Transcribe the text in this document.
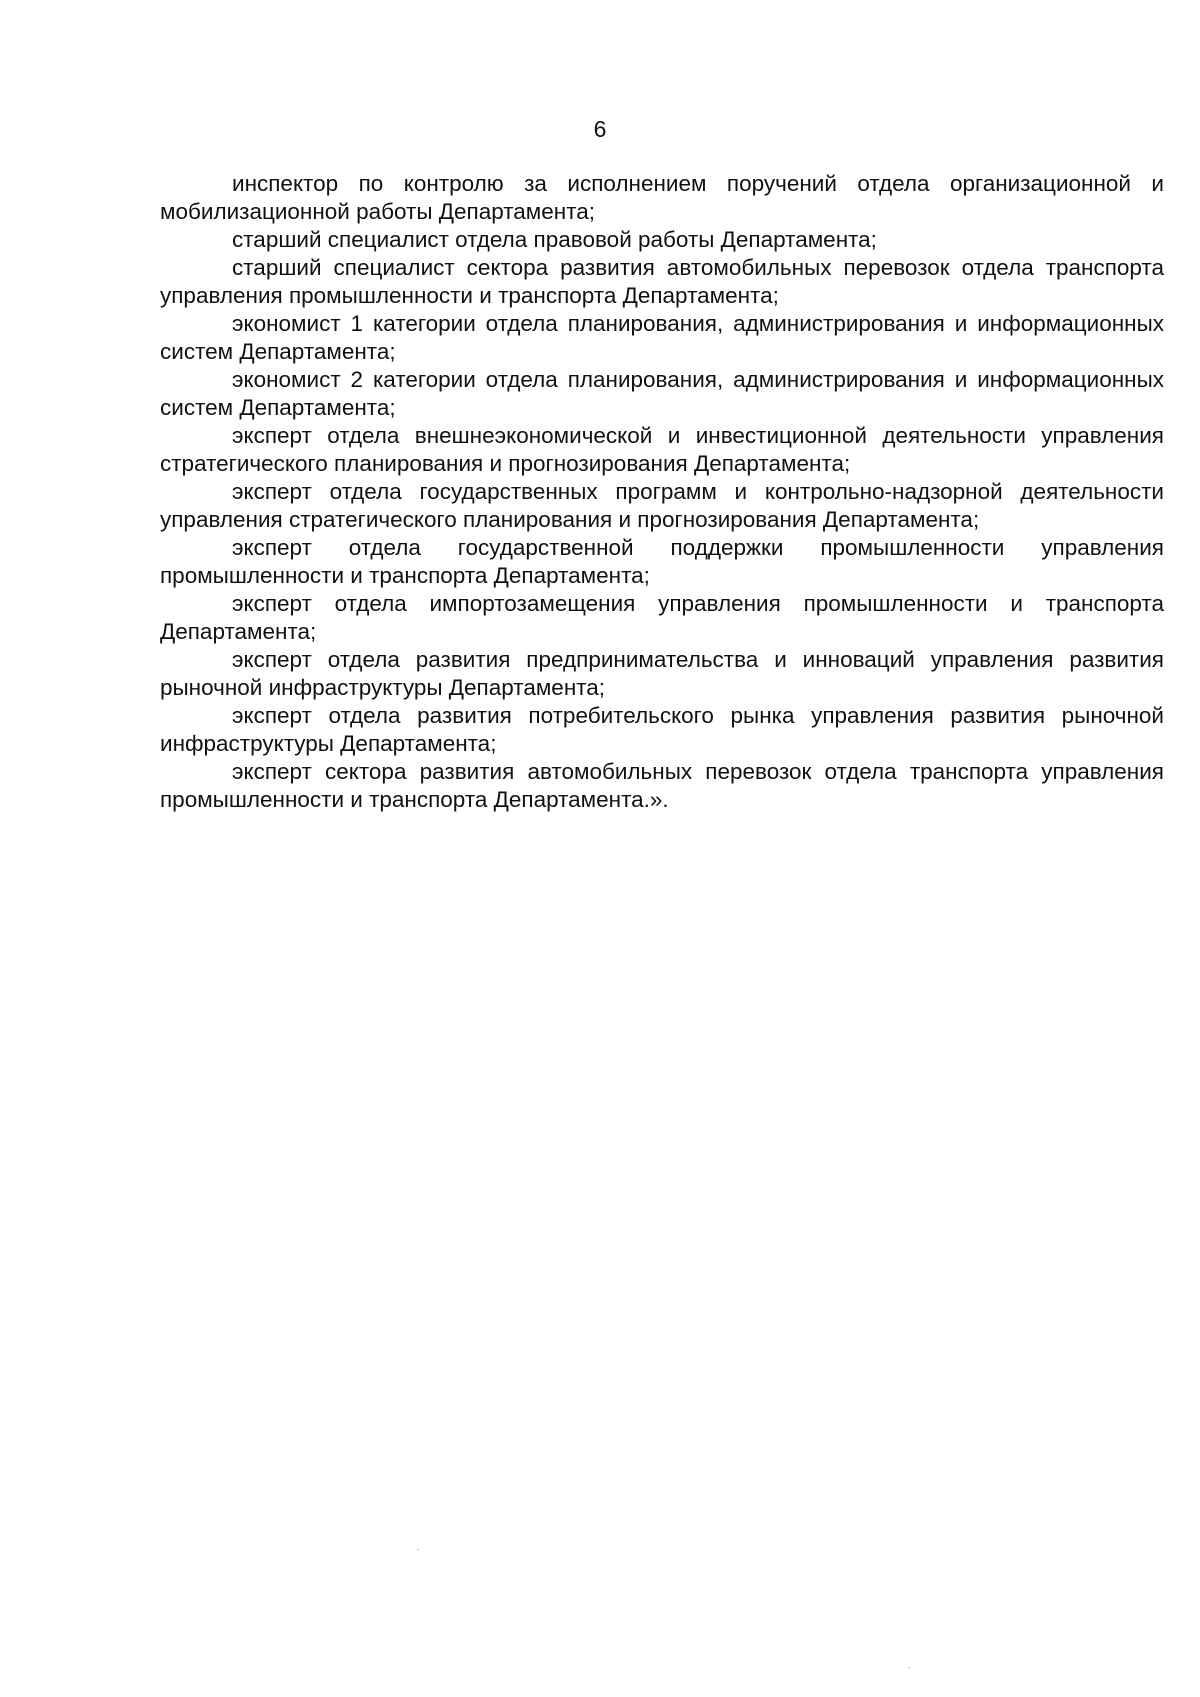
6

инспектор по контролю за исполнением поручений отдела организационной и мобилизационной работы Департамента;

старший специалист отдела правовой работы Департамента;

старший специалист сектора развития автомобильных перевозок отдела транспорта управления промышленности и транспорта Департамента;

экономист 1 категории отдела планирования, администрирования и информационных систем Департамента;

экономист 2 категории отдела планирования, администрирования и информационных систем Департамента;

эксперт отдела внешнеэкономической и инвестиционной деятельности управления стратегического планирования и прогнозирования Департамента;

эксперт отдела государственных программ и контрольно-надзорной деятельности управления стратегического планирования и прогнозирования Департамента;

эксперт отдела государственной поддержки промышленности управления промышленности и транспорта Департамента;

эксперт отдела импортозамещения управления промышленности и транспорта Департамента;

эксперт отдела развития предпринимательства и инноваций управления развития рыночной инфраструктуры Департамента;

эксперт отдела развития потребительского рынка управления развития рыночной инфраструктуры Департамента;

эксперт сектора развития автомобильных перевозок отдела транспорта управления промышленности и транспорта Департамента.».
